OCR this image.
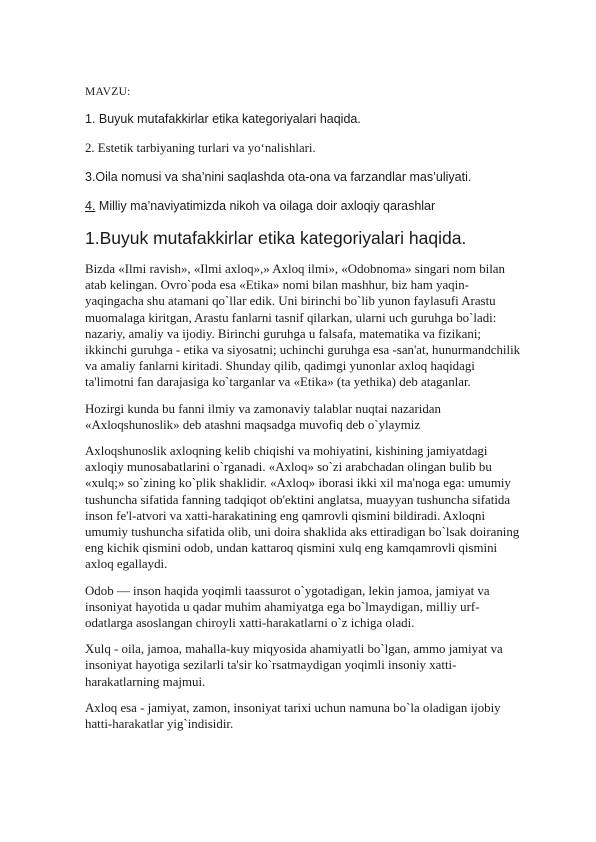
MAVZU:
1. Buyuk mutafakkirlar etika kategoriyalari haqida.
2. Estetik tarbiyaning turlari va yo‘nalishlari.
3.Oila nomusi va sha’nini saqlashda ota-ona va farzandlar mas’uliyati.
4. Milliy ma’naviyatimizda nikoh va oilaga doir axloqiy qarashlar
1.Buyuk mutafakkirlar etika kategoriyalari haqida.

Bizda «Ilmi ravish», «Ilmi axloq»,» Axloq ilmi», «Odobnoma» singari nom bilan atab kelingan. Ovro`poda esa «Etika» nomi bilan mashhur, biz ham yaqin-yaqingacha shu atamani qo`llar edik. Uni birinchi bo`lib yunon faylasufi Arastu muomalaga kiritgan, Arastu fanlarni tasnif qilarkan, ularni uch guruhga bo`ladi: nazariy, amaliy va ijodiy. Birinchi guruhga u falsafa, matematika va fizikani; ikkinchi guruhga - etika va siyosatni; uchinchi guruhga esa -san'at, hunurmandchilik va amaliy fanlarni kiritadi. Shunday qilib, qadimgi yunonlar axloq haqidagi ta'limotni fan darajasiga ko`targanlar va «Etika» (ta yethika) deb ataganlar.

Hozirgi kunda bu fanni ilmiy va zamonaviy talablar nuqtai nazaridan «Axloqshunoslik» deb atashni maqsadga muvofiq deb o`ylaymiz

Axloqshunoslik axloqning kelib chiqishi va mohiyatini, kishining jamiyatdagi axloqiy munosabatlarini o`rganadi. «Axloq» so`zi arabchadan olingan bulib bu «xulq;» so`zining ko`plik shaklidir. «Axloq» iborasi ikki xil ma'noga ega: umumiy tushuncha sifatida fanning tadqiqot ob'ektini anglatsa, muayyan tushuncha sifatida inson fe'l-atvori va xatti-harakatining eng qamrovli qismini bildiradi. Axloqni umumiy tushuncha sifatida olib, uni doira shaklida aks ettiradigan bo`lsak doiraning eng kichik qismini odob, undan kattaroq qismini xulq eng kamqamrovli qismini axloq egallaydi.

Odob — inson haqida yoqimli taassurot o`ygotadigan, lekin jamoa, jamiyat va insoniyat hayotida u qadar muhim ahamiyatga ega bo`lmaydigan, milliy urf-odatlarga asoslangan chiroyli xatti-harakatlarni o`z ichiga oladi.

Xulq - oila, jamoa, mahalla-kuy miqyosida ahamiyatli bo`lgan, ammo jamiyat va insoniyat hayotiga sezilarli ta'sir ko`rsatmaydigan yoqimli insoniy xatti-harakatlarning majmui.

Axloq esa - jamiyat, zamon, insoniyat tarixi uchun namuna bo`la oladigan ijobiy hatti-harakatlar yig`indisidir.
